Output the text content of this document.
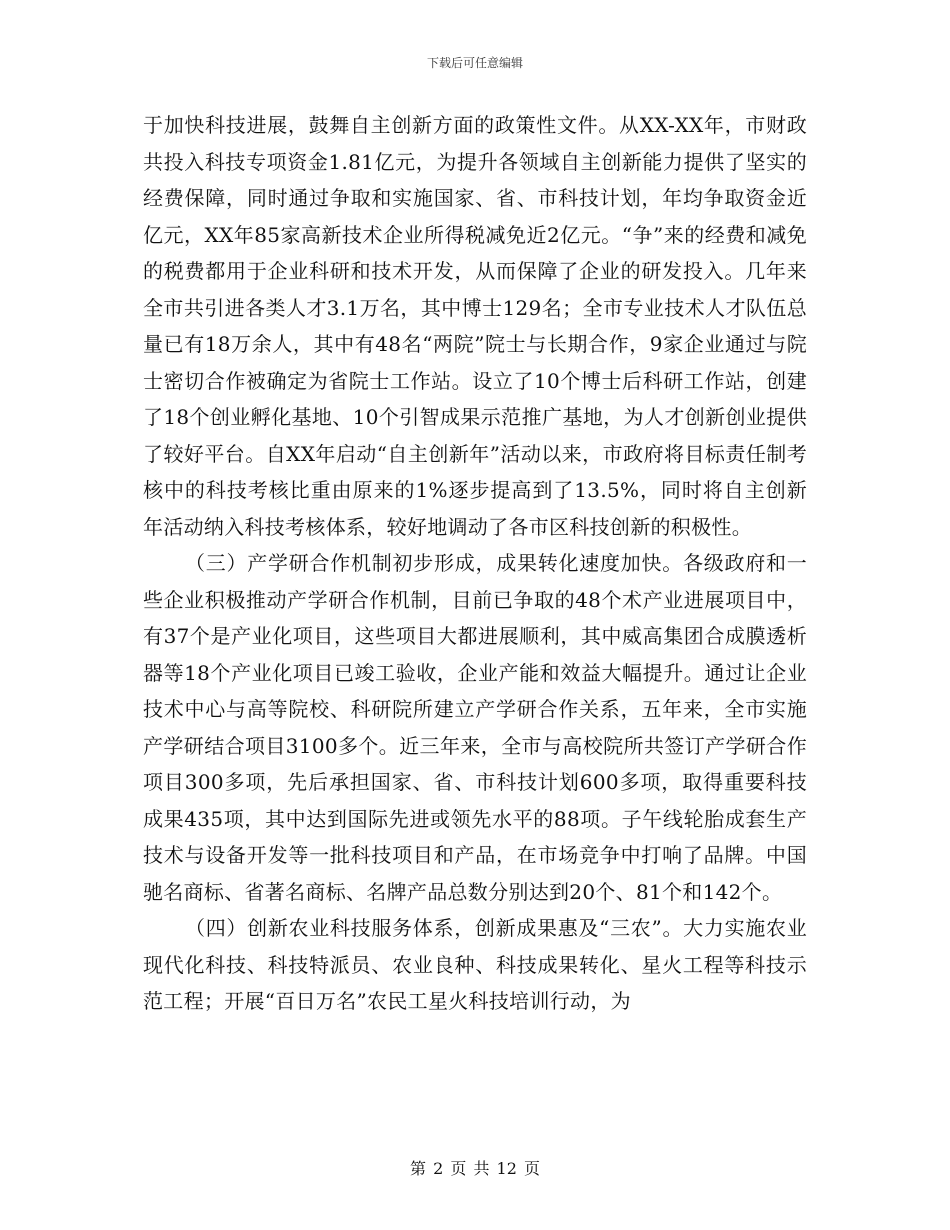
下载后可任意编辑

于加快科技进展，鼓舞自主创新方面的政策性文件。从XX-XX年，市财政共投入科技专项资金1.81亿元，为提升各领域自主创新能力提供了坚实的经费保障，同时通过争取和实施国家、省、市科技计划，年均争取资金近亿元，XX年85家高新技术企业所得税减免近2亿元。“争”来的经费和减免的税费都用于企业科研和技术开发，从而保障了企业的研发投入。几年来全市共引进各类人才3.1万名，其中博士129名；全市专业技术人才队伍总量已有18万余人，其中有48名“两院”院士与长期合作，9家企业通过与院士密切合作被确定为省院士工作站。设立了10个博士后科研工作站，创建了18个创业孵化基地、10个引智成果示范推广基地，为人才创新创业提供了较好平台。自XX年启动“自主创新年”活动以来，市政府将目标责任制考核中的科技考核比重由原来的1%逐步提高到了13.5%，同时将自主创新年活动纳入科技考核体系，较好地调动了各市区科技创新的积极性。

（三）产学研合作机制初步形成，成果转化速度加快。各级政府和一些企业积极推动产学研合作机制，目前已争取的48个术产业进展项目中，有37个是产业化项目，这些项目大都进展顺利，其中威高集团合成膜透析器等18个产业化项目已竣工验收，企业产能和效益大幅提升。通过让企业技术中心与高等院校、科研院所建立产学研合作关系，五年来，全市实施产学研结合项目3100多个。近三年来，全市与高校院所共签订产学研合作项目300多项，先后承担国家、省、市科技计划600多项，取得重要科技成果435项，其中达到国际先进或领先水平的88项。子午线轮胎成套生产技术与设备开发等一批科技项目和产品，在市场竞争中打响了品牌。中国驰名商标、省著名商标、名牌产品总数分别达到20个、81个和142个。

（四）创新农业科技服务体系，创新成果惠及“三农”。大力实施农业现代化科技、科技特派员、农业良种、科技成果转化、星火工程等科技示范工程；开展“百日万名”农民工星火科技培训行动，为

第 2 页 共 12 页
